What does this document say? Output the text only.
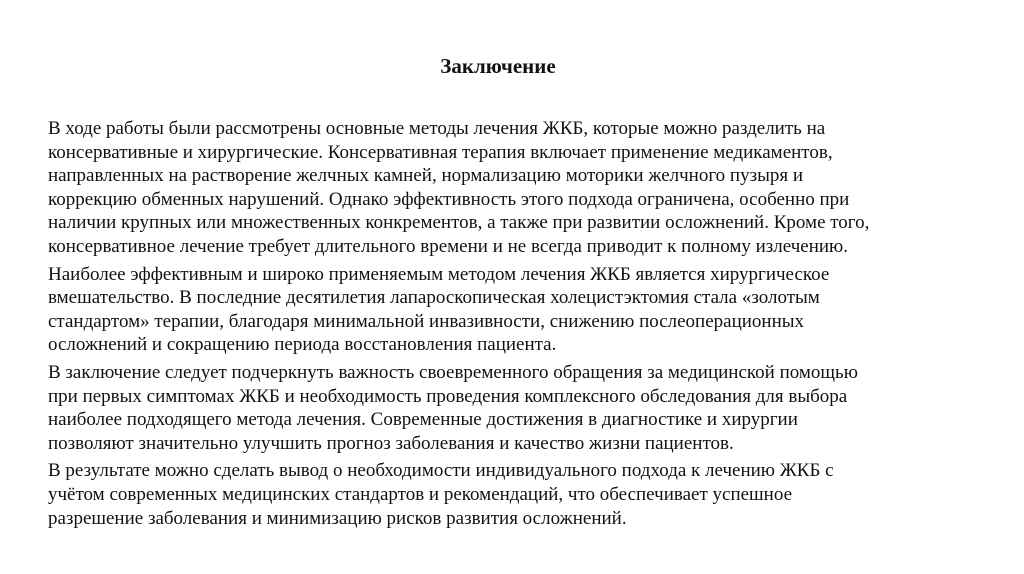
Заключение

В ходе работы были рассмотрены основные методы лечения ЖКБ, которые можно разделить на
консервативные и хирургические. Консервативная терапия включает применение медикаментов,
направленных на растворение желчных камней, нормализацию моторики желчного пузыря и
коррекцию обменных нарушений. Однако эффективность этого подхода ограничена, особенно при
наличии крупных или множественных конкрементов, а также при развитии осложнений. Кроме того,
консервативное лечение требует длительного времени и не всегда приводит к полному излечению.

Наиболее эффективным и широко применяемым методом лечения ЖКБ является хирургическое
вмешательство. В последние десятилетия лапароскопическая холецистэктомия стала «золотым
стандартом» терапии, благодаря минимальной инвазивности, снижению послеоперационных
осложнений и сокращению периода восстановления пациента.

В заключение следует подчеркнуть важность своевременного обращения за медицинской помощью
при первых симптомах ЖКБ и необходимость проведения комплексного обследования для выбора
наиболее подходящего метода лечения. Современные достижения в диагностике и хирургии
позволяют значительно улучшить прогноз заболевания и качество жизни пациентов.

В результате можно сделать вывод о необходимости индивидуального подхода к лечению ЖКБ с
учётом современных медицинских стандартов и рекомендаций, что обеспечивает успешное
разрешение заболевания и минимизацию рисков развития осложнений.
